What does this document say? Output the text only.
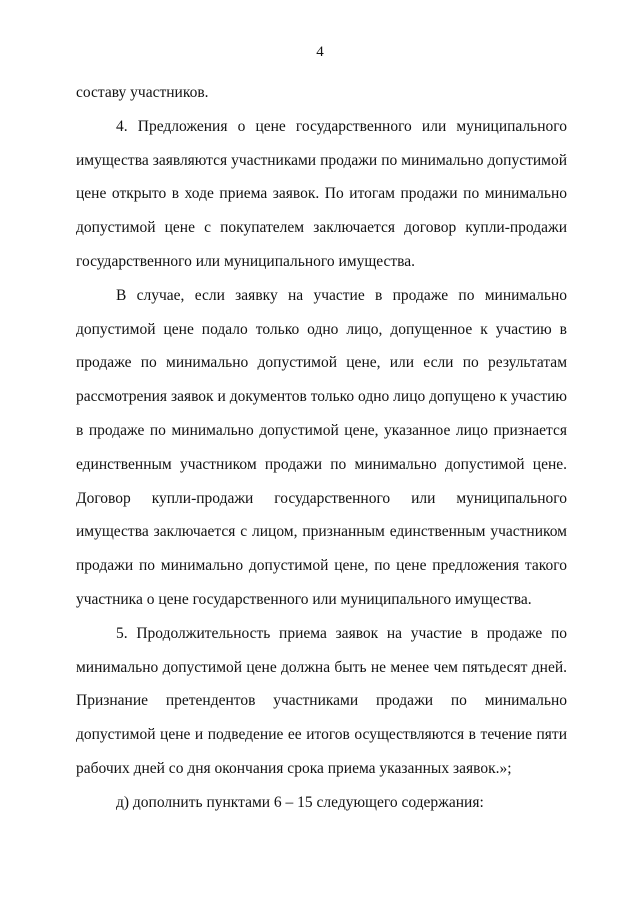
4
составу участников.
4. Предложения о цене государственного или муниципального
имущества заявляются участниками продажи по минимально допустимой
цене открыто в ходе приема заявок. По итогам продажи по минимально
допустимой цене с покупателем заключается договор купли-продажи
государственного или муниципального имущества.
В случае, если заявку на участие в продаже по минимально
допустимой цене подало только одно лицо, допущенное к участию в
продаже по минимально допустимой цене, или если по результатам
рассмотрения заявок и документов только одно лицо допущено к участию
в продаже по минимально допустимой цене, указанное лицо признается
единственным участником продажи по минимально допустимой цене.
Договор купли-продажи государственного или муниципального
имущества заключается с лицом, признанным единственным участником
продажи по минимально допустимой цене, по цене предложения такого
участника о цене государственного или муниципального имущества.
5. Продолжительность приема заявок на участие в продаже по
минимально допустимой цене должна быть не менее чем пятьдесят дней.
Признание претендентов участниками продажи по минимально
допустимой цене и подведение ее итогов осуществляются в течение пяти
рабочих дней со дня окончания срока приема указанных заявок.»;
д) дополнить пунктами 6 – 15 следующего содержания:
